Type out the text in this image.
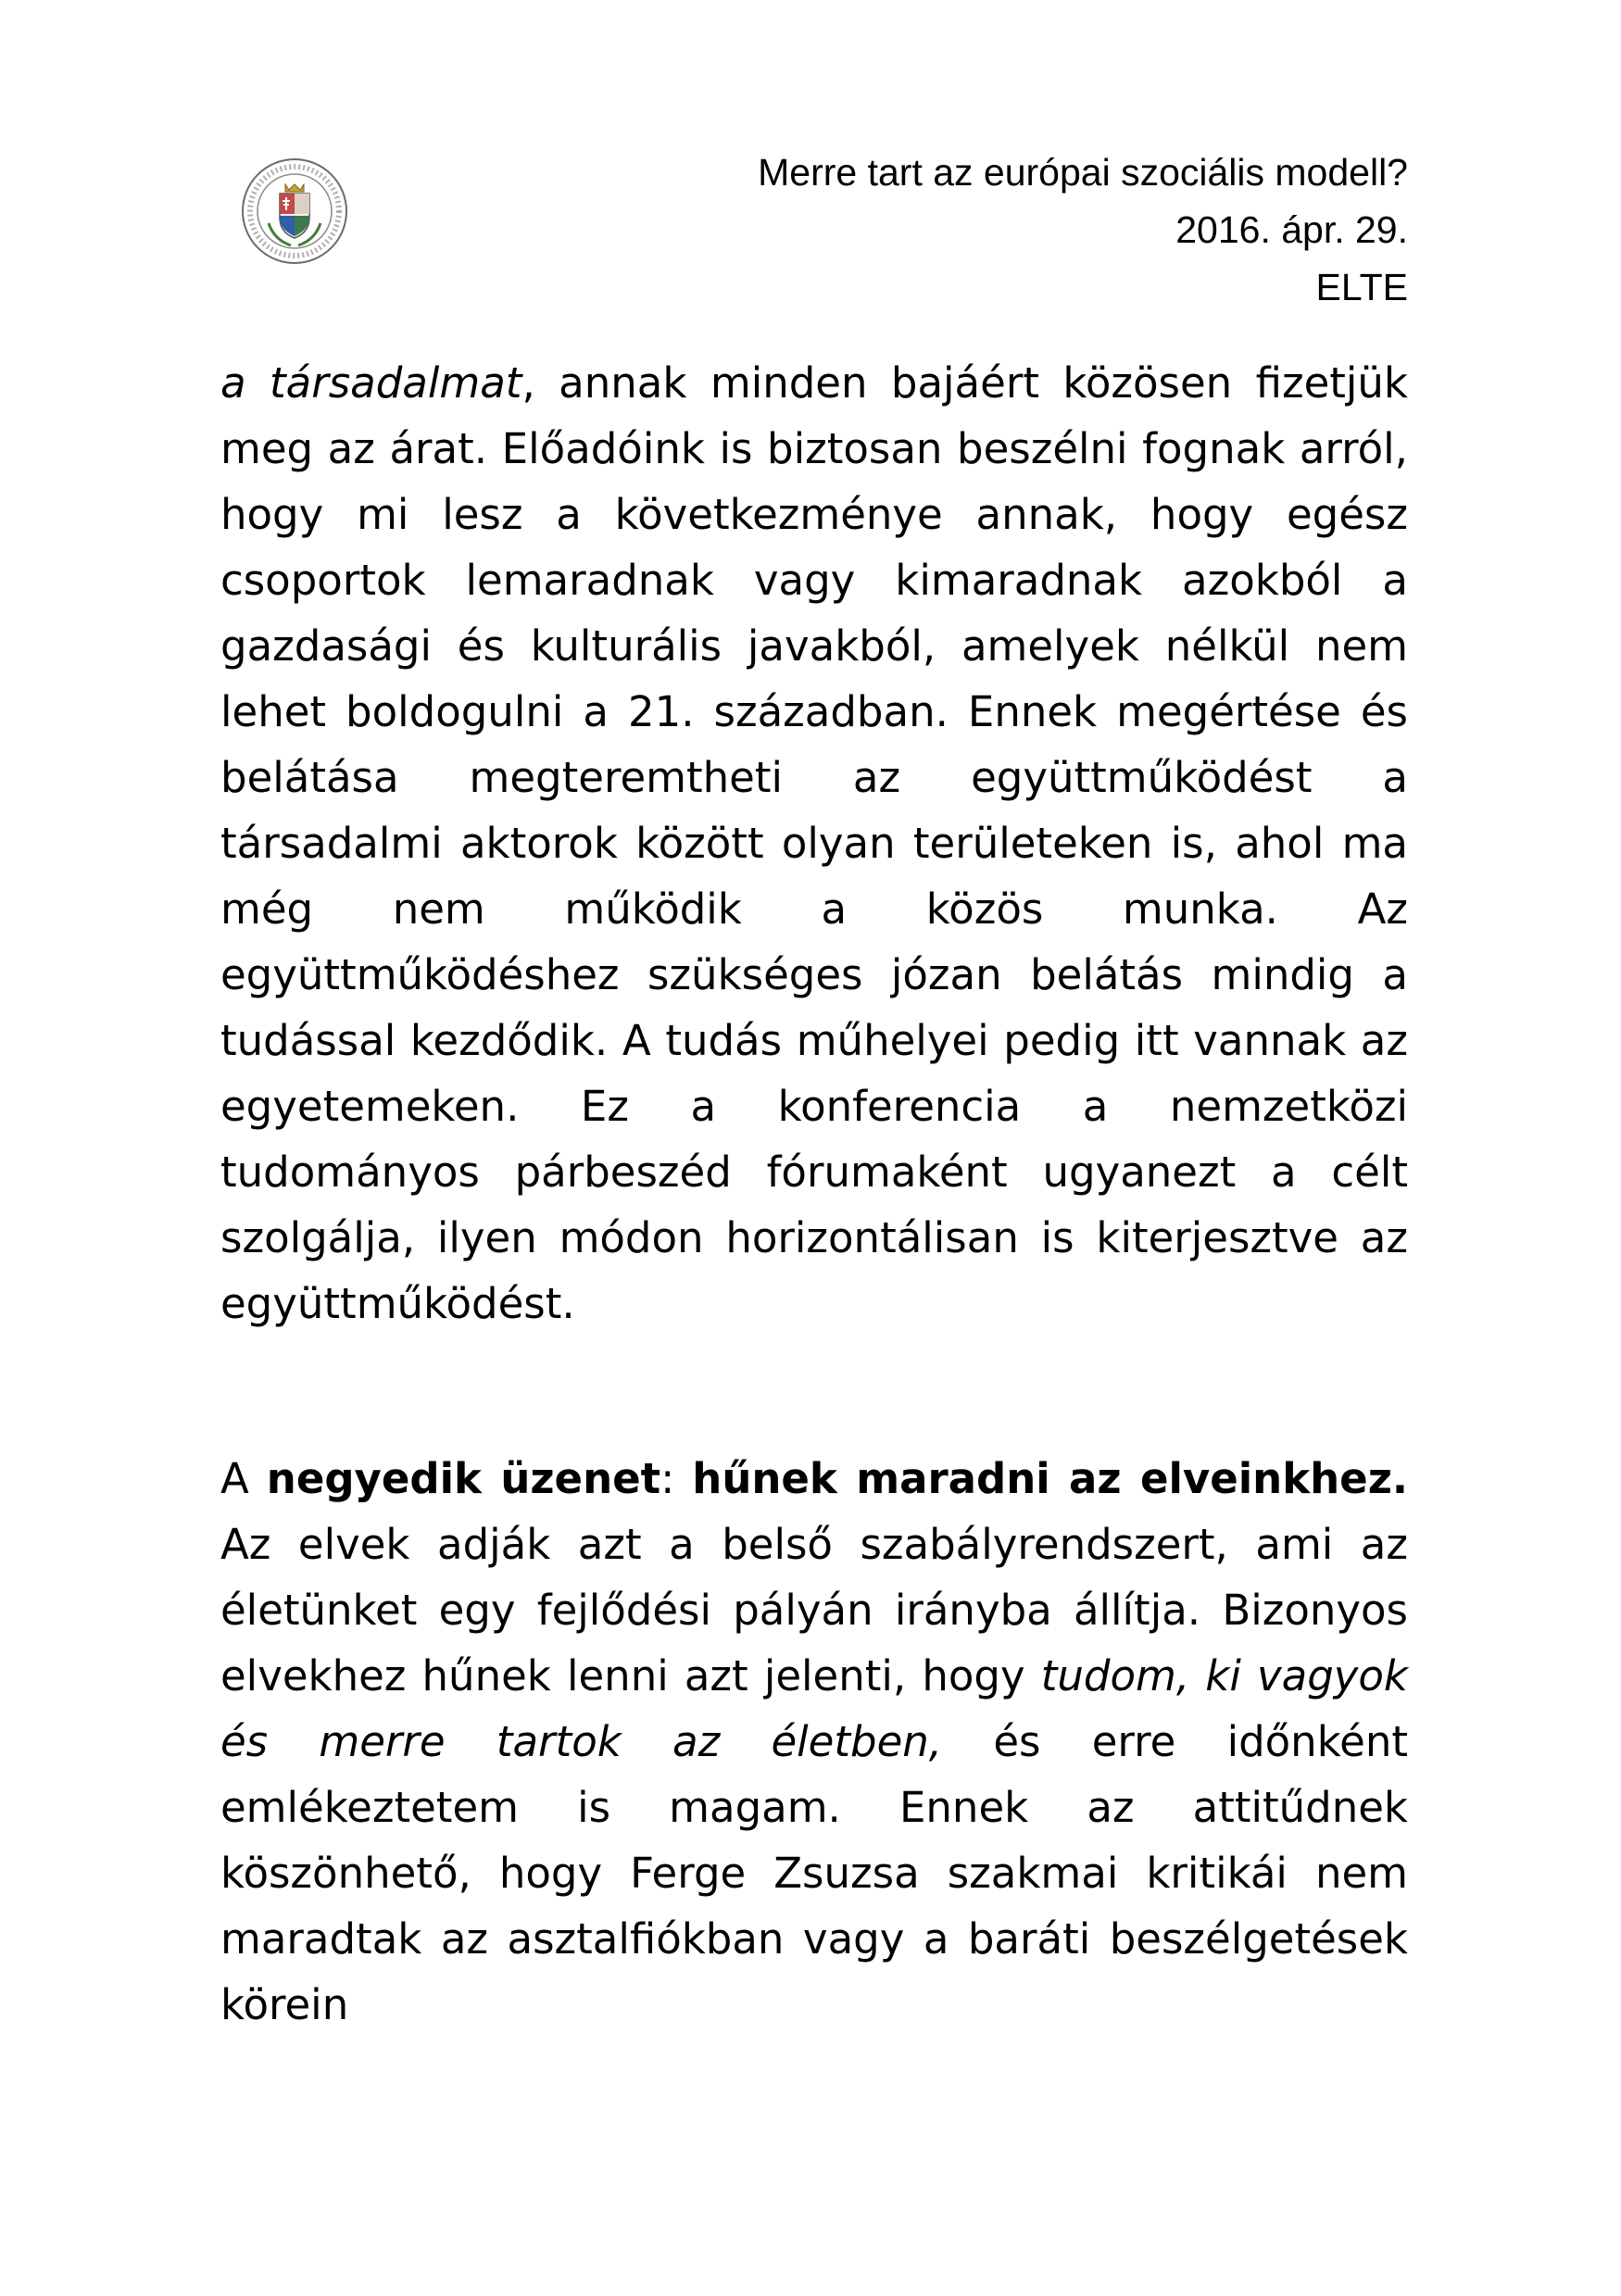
Merre tart az európai szociális modell?
2016. ápr. 29.
ELTE

a társadalmat, annak minden bajáért közösen fizetjük meg az árat. Előadóink is biztosan beszélni fognak arról, hogy mi lesz a következménye annak, hogy egész csoportok lemaradnak vagy kimaradnak azokból a gazdasági és kulturális javakból, amelyek nélkül nem lehet boldogulni a 21. században. Ennek megértése és belátása megteremtheti az együttműködést a társadalmi aktorok között olyan területeken is, ahol ma még nem működik a közös munka. Az együttműködéshez szükséges józan belátás mindig a tudással kezdődik. A tudás műhelyei pedig itt vannak az egyetemeken. Ez a konferencia a nemzetközi tudományos párbeszéd fórumaként ugyanezt a célt szolgálja, ilyen módon horizontálisan is kiterjesztve az együttműködést.

A negyedik üzenet: hűnek maradni az elveinkhez. Az elvek adják azt a belső szabályrendszert, ami az életünket egy fejlődési pályán irányba állítja. Bizonyos elvekhez hűnek lenni azt jelenti, hogy tudom, ki vagyok és merre tartok az életben, és erre időnként emlékeztetem is magam. Ennek az attitűdnek köszönhető, hogy Ferge Zsuzsa szakmai kritikái nem maradtak az asztalfiókban vagy a baráti beszélgetések körein
